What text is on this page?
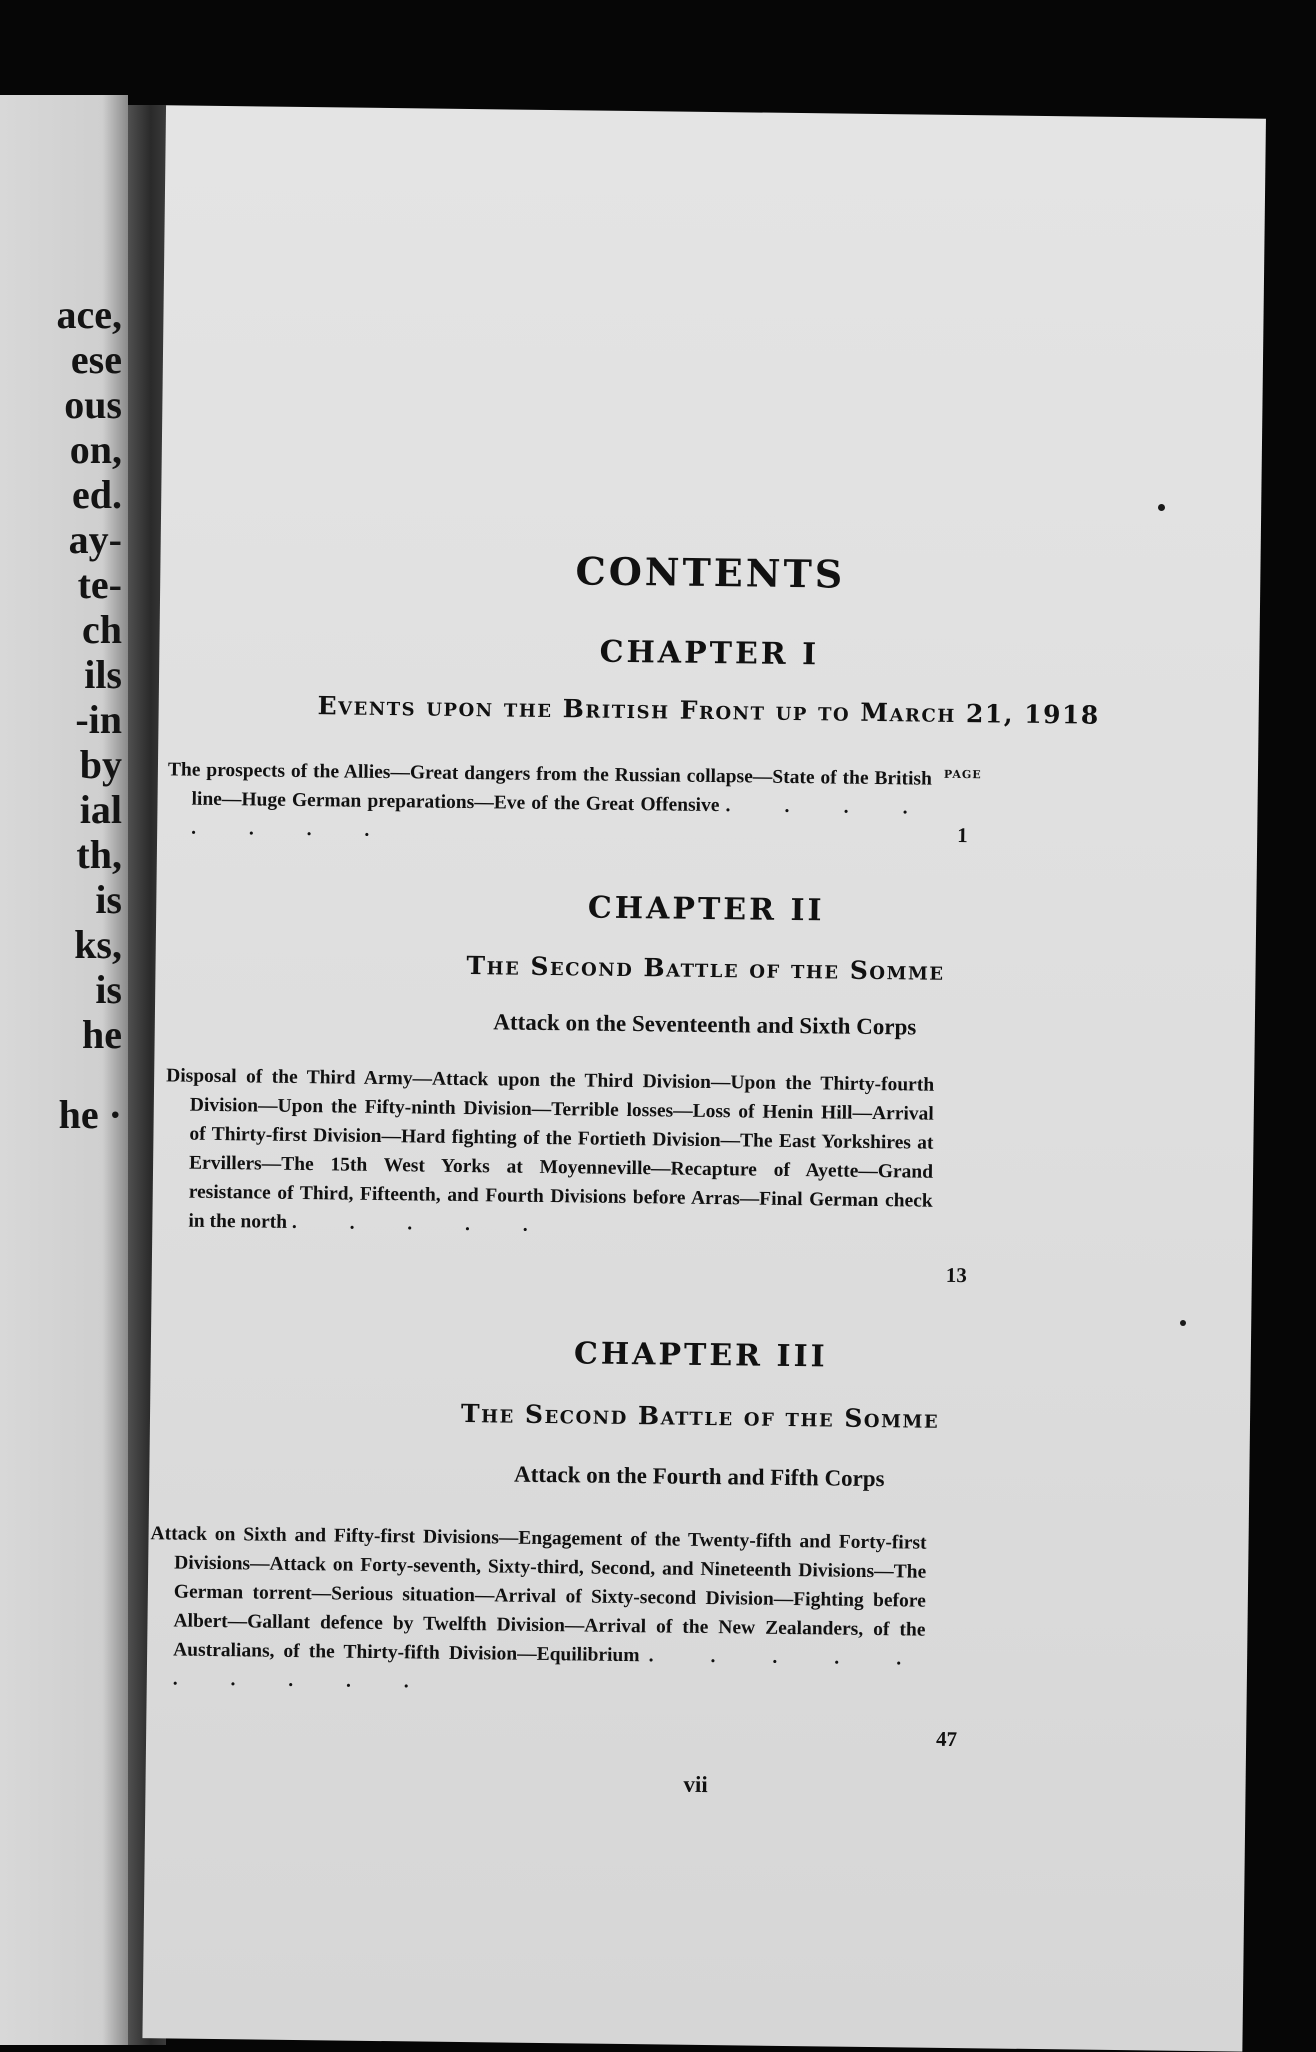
ace,

ese

ous

on,

ed.

ay-

te-

ch

ils

-in

by

ial

th,

is

ks,

is

he

he ·

CONTENTS
CHAPTER I
Events upon the British Front up to March 21, 1918

PAGE

The prospects of the Allies—Great dangers from the Russian collapse—State of the British line—Huge German preparations—Eve of the Great Offensive . . . . . . . .	1

CHAPTER II
The Second Battle of the Somme

Attack on the Seventeenth and Sixth Corps

Disposal of the Third Army—Attack upon the Third Division—Upon the Thirty-fourth Division—Upon the Fifty-ninth Division—Terrible losses—Loss of Henin Hill—Arrival of Thirty-first Division—Hard fighting of the Fortieth Division—The East Yorkshires at Ervillers—The 15th West Yorks at Moyenneville—Recapture of Ayette—Grand resistance of Third, Fifteenth, and Fourth Divisions before Arras—Final German check in the north . . . . .

13

CHAPTER III
The Second Battle of the Somme

Attack on the Fourth and Fifth Corps

Attack on Sixth and Fifty-first Divisions—Engagement of the Twenty-fifth and Forty-first Divisions—Attack on Forty-seventh, Sixty-third, Second, and Nineteenth Divisions—The German torrent—Serious situation—Arrival of Sixty-second Division—Fighting before Albert—Gallant defence by Twelfth Division—Arrival of the New Zealanders, of the Australians, of the Thirty-fifth Division—Equilibrium . . . . . . . . . .

47

vii
